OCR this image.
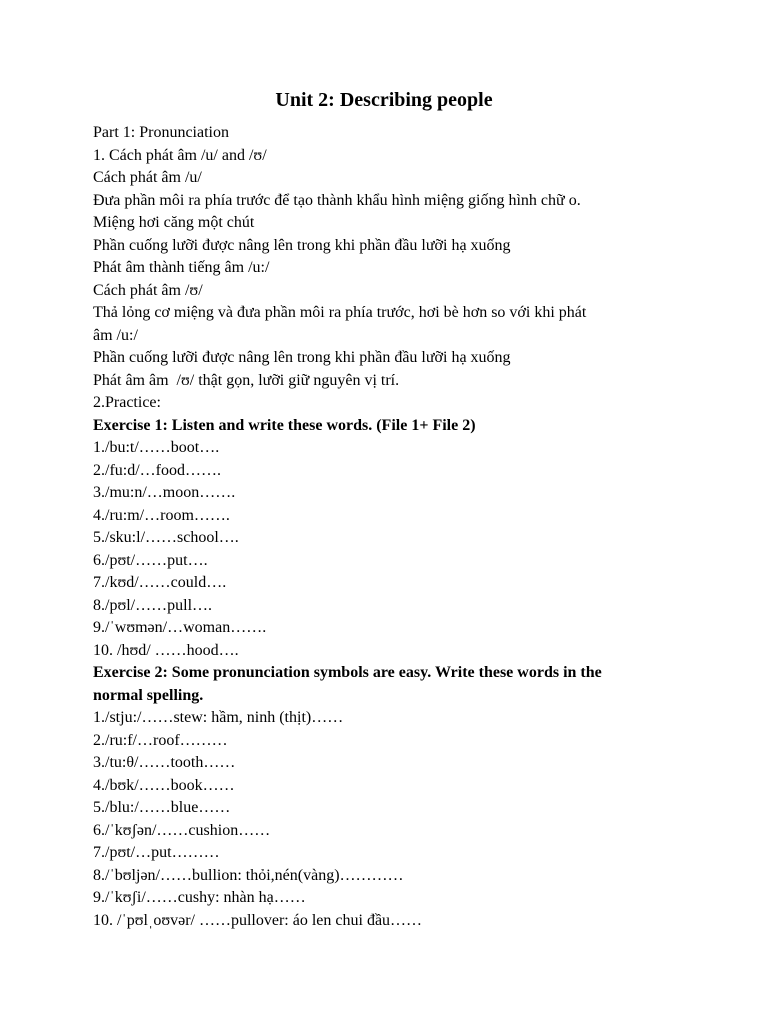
Unit 2: Describing people
Part 1: Pronunciation
1. Cách phát âm /u/ and /ʊ/
Cách phát âm /u/
Đưa phần môi ra phía trước để tạo thành khẩu hình miệng giống hình chữ o.
Miệng hơi căng một chút
Phần cuống lưỡi được nâng lên trong khi phần đầu lưỡi hạ xuống
Phát âm thành tiếng âm /u:/
Cách phát âm /ʊ/
Thả lỏng cơ miệng và đưa phần môi ra phía trước, hơi bè hơn so với khi phát
âm /u:/
Phần cuống lưỡi được nâng lên trong khi phần đầu lưỡi hạ xuống
Phát âm âm  /ʊ/ thật gọn, lưỡi giữ nguyên vị trí.
2.Practice:
Exercise 1: Listen and write these words. (File 1+ File 2)
1./bu:t/……boot….
2./fu:d/…food…….
3./mu:n/…moon…….
4./ru:m/…room…….
5./sku:l/……school….
6./pʊt/……put….
7./kʊd/……could….
8./pʊl/……pull….
9./ˈwʊmən/…woman…….
10. /hʊd/ ……hood….
Exercise 2: Some pronunciation symbols are easy. Write these words in the
normal spelling.
1./stju:/……stew: hầm, ninh (thịt)……
2./ru:f/…roof………
3./tu:θ/……tooth……
4./bʊk/……book……
5./blu:/……blue……
6./ˈkʊʃən/……cushion……
7./pʊt/…put………
8./ˈbʊljən/……bullion: thỏi,nén(vàng)…………
9./ˈkʊʃi/……cushy: nhàn hạ……
10. /ˈpʊlˌoʊvər/ ……pullover: áo len chui đầu……
